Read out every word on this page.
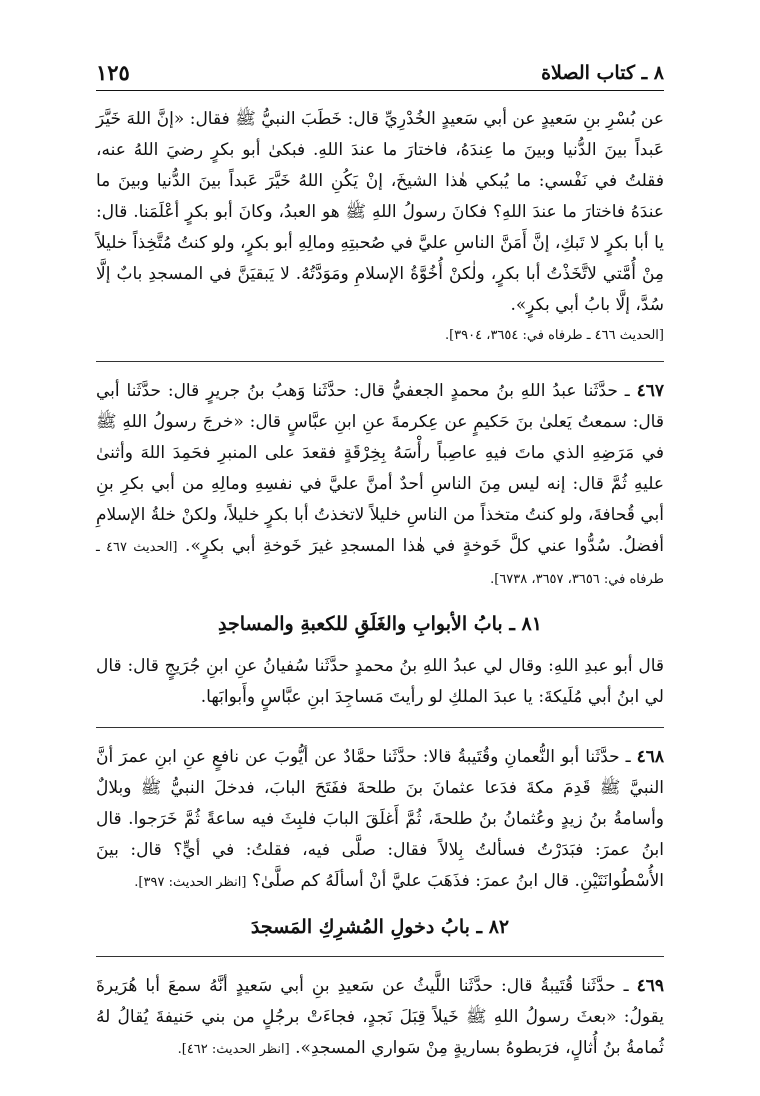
٨ ـ كتاب الصلاة
١٢٥

عن بُسْرِ بنِ سَعيدٍ عن أبي سَعيدٍ الخُدْرِيِّ قال: خَطَبَ النبيُّ ﷺ فقال: «إنَّ اللهَ خَيَّرَ عَبداً بينَ الدُّنيا وبينَ ما عِندَهُ، فاختارَ ما عندَ اللهِ. فبكىٰ أبو بكرٍ رضيَ اللهُ عنه، فقلتُ في نَفْسي: ما يُبكي هٰذا الشيخَ، إنْ يَكُنِ اللهُ خَيَّرَ عَبداً بينَ الدُّنيا وبينَ ما عندَهُ فاختارَ ما عندَ اللهِ؟ فكانَ رسولُ اللهِ ﷺ هو العبدُ، وكانَ أبو بكرٍ أعْلَمَنا. قال: يا أبا بكرٍ لا تَبكِ، إنَّ أَمَنَّ الناسِ عليَّ في صُحبتِهِ ومالِهِ أبو بكرٍ، ولو كنتُ مُتَّخِذاً خليلاً مِنْ أُمَّتي لاتَّخَذْتُ أبا بكرٍ، ولٰكنْ أُخُوَّةُ الإسلامِ ومَوَدَّتُهُ. لا يَبقيَنَّ في المسجدِ بابٌ إلَّا سُدَّ، إلَّا بابُ أبي بكرٍ».

[الحديث ٤٦٦ ـ طرفاه في: ٣٦٥٤، ٣٩٠٤].

٤٦٧ ـ حدَّثَنا عبدُ اللهِ بنُ محمدٍ الجعفيُّ قال: حدَّثَنا وَهبُ بنُ جريرٍ قال: حدَّثَنا أبي قال: سمعتُ يَعلىٰ بنَ حَكيمٍ عن عِكرمةَ عنِ ابنِ عبَّاسٍ قال: «خرجَ رسولُ اللهِ ﷺ في مَرَضِهِ الذي ماتَ فيهِ عاصِباً رأْسَهُ بِخِرْقَةٍ فقعدَ على المنبرِ فحَمِدَ اللهَ وأثنىٰ عليهِ ثُمَّ قال: إنه ليس مِنَ الناسِ أحدٌ أمنَّ عليَّ في نفسِهِ ومالِهِ من أبي بكرِ بنِ أبي قُحافةَ، ولو كنتُ متخذاً من الناسِ خليلاً لاتخذتُ أبا بكرٍ خليلاً، ولكنْ خلةُ الإسلامِ أفضلُ. سُدُّوا عني كلَّ خَوخةٍ في هٰذا المسجدِ غيرَ خَوخةِ أبي بكرٍ». [الحديث ٤٦٧ ـ طرفاه في: ٣٦٥٦، ٣٦٥٧، ٦٧٣٨].

٨١ ـ بابُ الأبوابِ والغَلَقِ للكعبةِ والمساجدِ

قال أبو عبدِ اللهِ: وقال لي عبدُ اللهِ بنُ محمدٍ حدَّثَنا سُفيانُ عنِ ابنِ جُرَيجٍ قال: قال لي ابنُ أبي مُلَيكةَ: يا عبدَ الملكِ لو رأيتَ مَساجِدَ ابنِ عبَّاسٍ وأَبوابَها.

٤٦٨ ـ حدَّثَنا أبو النُّعمانِ وقُتَيبةُ قالا: حدَّثَنا حمَّادٌ عن أيُّوبَ عن نافعٍ عنِ ابنِ عمرَ أنَّ النبيَّ ﷺ قَدِمَ مكةَ فدَعا عثمانَ بنَ طلحةَ ففَتَحَ البابَ، فدخلَ النبيُّ ﷺ وبلالٌ وأسامةُ بنُ زيدٍ وعُثمانُ بنُ طلحةَ، ثُمَّ أَغلَقَ البابَ فلبِثَ فيه ساعةً ثُمَّ خَرَجوا. قال ابنُ عمرَ: فبَدَرْتُ فسألتُ بِلالاً فقال: صلَّى فيه، فقلتُ: في أيٍّ؟ قال: بينَ الأُسْطُوانَتَيْنِ. قال ابنُ عمرَ: فذَهَبَ عليَّ أنْ أسألَهُ كم صلَّىٰ؟ [انظر الحديث: ٣٩٧].

٨٢ ـ بابُ دخولِ المُشرِكِ المَسجدَ

٤٦٩ ـ حدَّثَنا قُتَيبةُ قال: حدَّثَنا اللَّيثُ عن سَعيدِ بنِ أبي سَعيدٍ أنَّهُ سمعَ أبا هُرَيرةَ يقولُ: «بعثَ رسولُ اللهِ ﷺ خَيلاً قِبَلَ نَجدٍ، فجاءَتْ برجُلٍ من بني حَنيفةَ يُقالُ لهُ ثُمامةُ بنُ أُثالٍ، فرَبطوهُ بساريةٍ مِنْ سَواري المسجدِ». [انظر الحديث: ٤٦٢].
